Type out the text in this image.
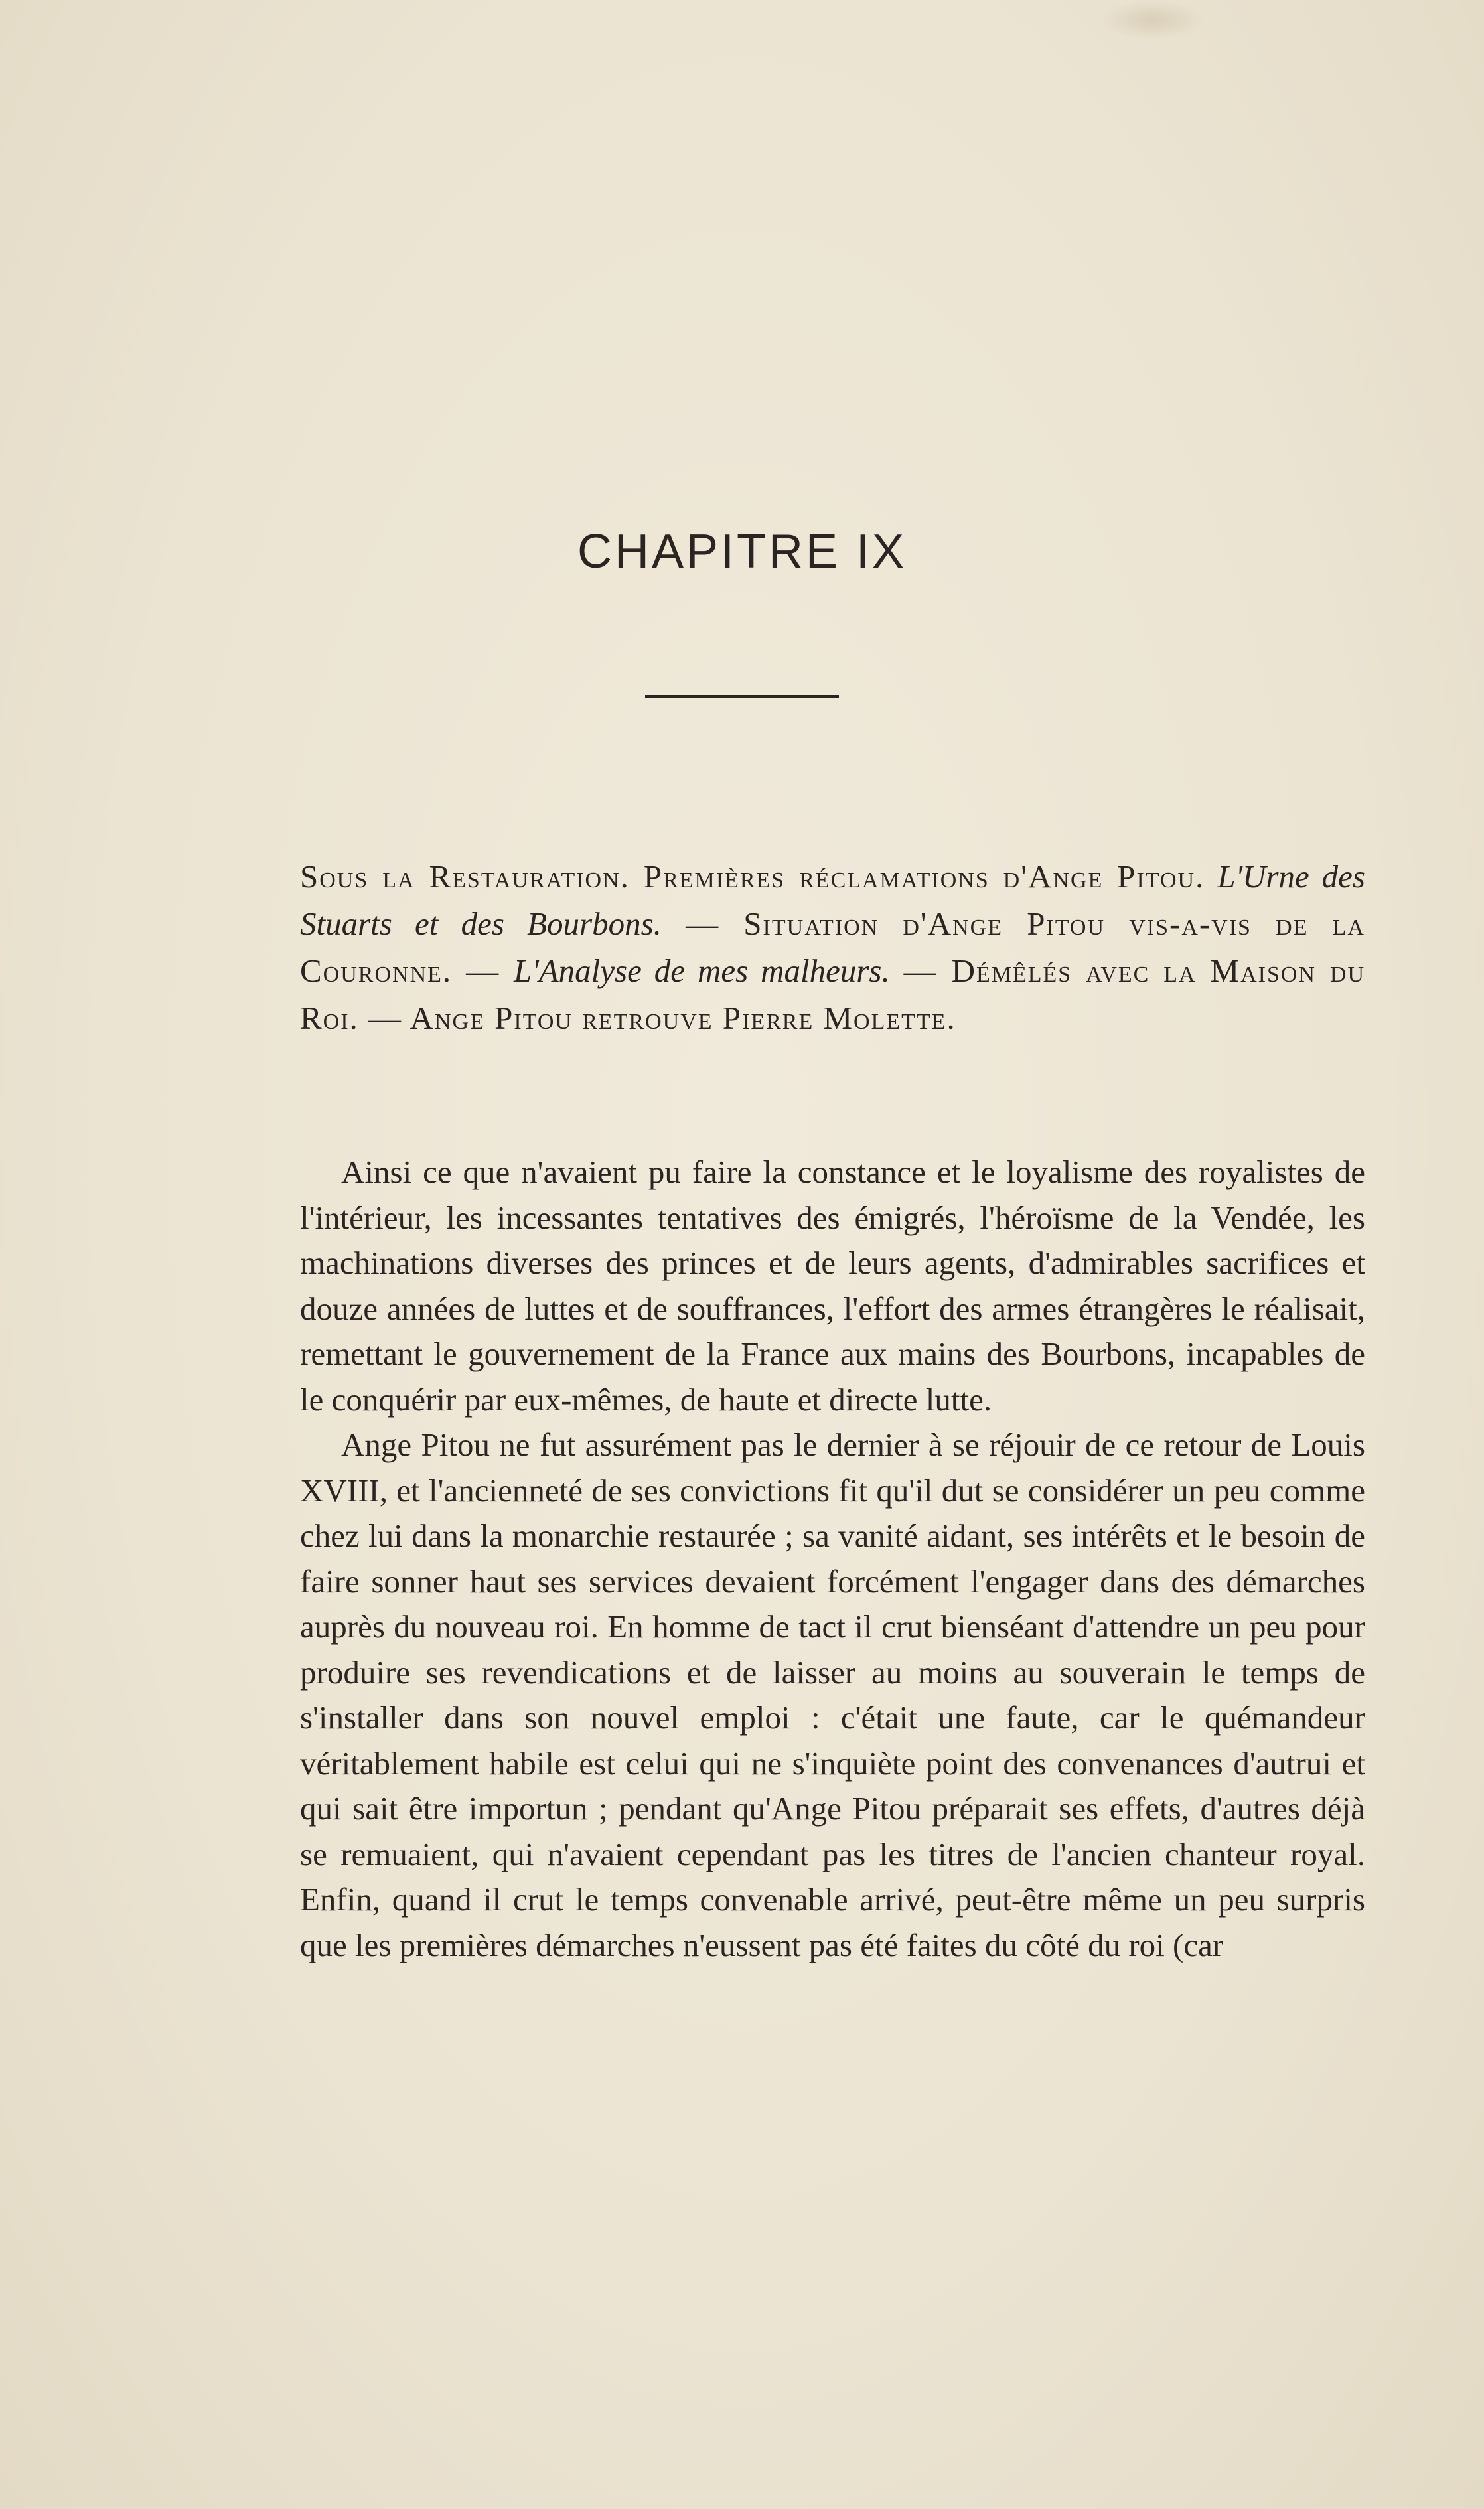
CHAPITRE IX

Sous la Restauration. Premières réclamations d'Ange Pitou. L'Urne des Stuarts et des Bourbons. — Situation d'Ange Pitou vis-a-vis de la Couronne. — L'Analyse de mes malheurs. — Démêlés avec la Maison du Roi. — Ange Pitou retrouve Pierre Molette.

Ainsi ce que n'avaient pu faire la constance et le loyalisme des royalistes de l'intérieur, les incessantes tentatives des émigrés, l'héroïsme de la Vendée, les machinations diverses des princes et de leurs agents, d'admirables sacrifices et douze années de luttes et de souffrances, l'effort des armes étrangères le réalisait, remettant le gouvernement de la France aux mains des Bourbons, incapables de le conquérir par eux-mêmes, de haute et directe lutte.

Ange Pitou ne fut assurément pas le dernier à se réjouir de ce retour de Louis XVIII, et l'ancienneté de ses convictions fit qu'il dut se considérer un peu comme chez lui dans la monarchie restaurée ; sa vanité aidant, ses intérêts et le besoin de faire sonner haut ses services devaient forcément l'engager dans des démarches auprès du nouveau roi. En homme de tact il crut bienséant d'attendre un peu pour produire ses revendications et de laisser au moins au souverain le temps de s'installer dans son nouvel emploi : c'était une faute, car le quémandeur véritablement habile est celui qui ne s'inquiète point des convenances d'autrui et qui sait être importun ; pendant qu'Ange Pitou préparait ses effets, d'autres déjà se remuaient, qui n'avaient cependant pas les titres de l'ancien chanteur royal. Enfin, quand il crut le temps convenable arrivé, peut-être même un peu surpris que les premières démarches n'eussent pas été faites du côté du roi (car
